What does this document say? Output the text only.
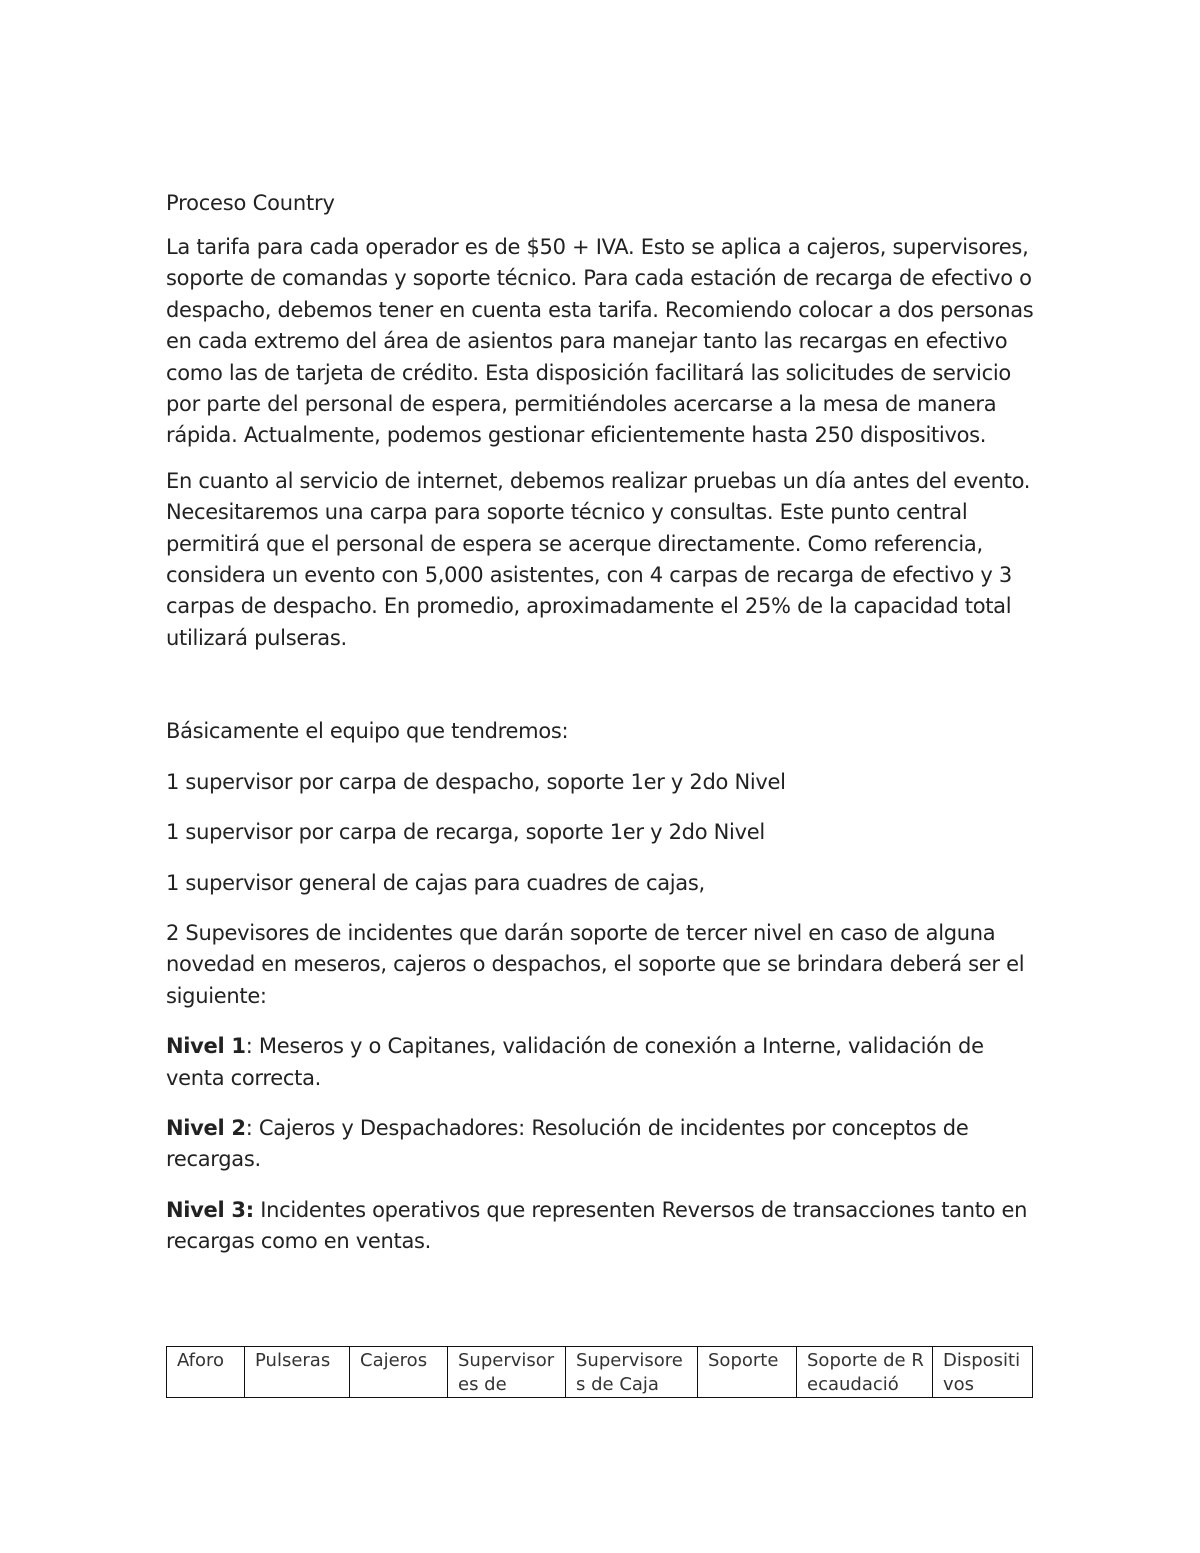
Proceso Country

La tarifa para cada operador es de $50 + IVA. Esto se aplica a cajeros, supervisores, soporte de comandas y soporte técnico. Para cada estación de recarga de efectivo o despacho, debemos tener en cuenta esta tarifa. Recomiendo colocar a dos personas en cada extremo del área de asientos para manejar tanto las recargas en efectivo como las de tarjeta de crédito. Esta disposición facilitará las solicitudes de servicio por parte del personal de espera, permitiéndoles acercarse a la mesa de manera rápida. Actualmente, podemos gestionar eficientemente hasta 250 dispositivos.

En cuanto al servicio de internet, debemos realizar pruebas un día antes del evento. Necesitaremos una carpa para soporte técnico y consultas. Este punto central permitirá que el personal de espera se acerque directamente. Como referencia, considera un evento con 5,000 asistentes, con 4 carpas de recarga de efectivo y 3 carpas de despacho. En promedio, aproximadamente el 25% de la capacidad total utilizará pulseras.

Básicamente el equipo que tendremos:

1 supervisor por carpa de despacho, soporte 1er y 2do Nivel

1 supervisor por carpa de recarga, soporte 1er y 2do Nivel

1 supervisor general de cajas para cuadres de cajas,

2 Supevisores de incidentes que darán soporte de tercer nivel en caso de alguna novedad en meseros, cajeros o despachos, el soporte que se brindara deberá ser el siguiente:

Nivel 1: Meseros y o Capitanes, validación de conexión a Interne, validación de venta correcta.

Nivel 2: Cajeros y Despachadores: Resolución de incidentes por conceptos de recargas.

Nivel 3: Incidentes operativos que representen Reversos de transacciones tanto en recargas como en ventas.

Aforo	Pulseras	Cajeros	Supervisores de	Supervisores de Caja	Soporte	Soporte de Recaudació	Dispositivos
